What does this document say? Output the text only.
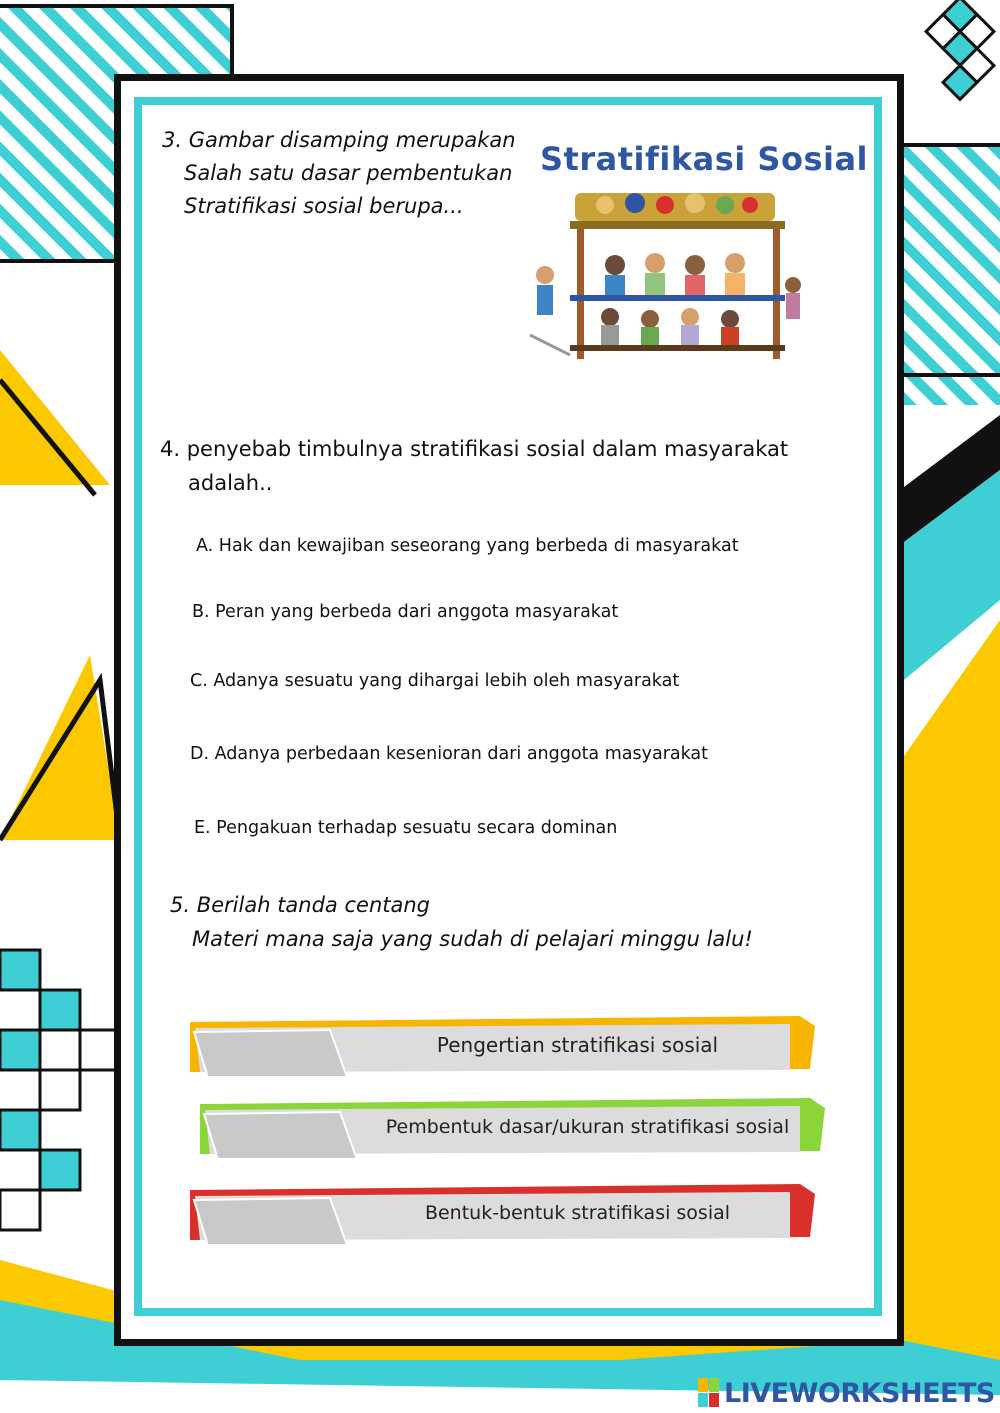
3. Gambar disamping merupakan
Salah satu dasar pembentukan
Stratifikasi sosial berupa...
Stratifikasi Sosial
4. penyebab timbulnya stratifikasi sosial dalam masyarakat
adalah..
A. Hak dan kewajiban seseorang yang berbeda di masyarakat
B. Peran yang berbeda dari anggota masyarakat
C. Adanya sesuatu yang dihargai lebih oleh masyarakat
D. Adanya perbedaan kesenioran dari anggota masyarakat
E. Pengakuan terhadap sesuatu secara dominan
5. Berilah tanda centang
Materi mana saja yang sudah di pelajari minggu lalu!
Pengertian stratifikasi sosial
Pembentuk dasar/ukuran stratifikasi sosial
Bentuk-bentuk stratifikasi sosial
LIVEWORKSHEETS
